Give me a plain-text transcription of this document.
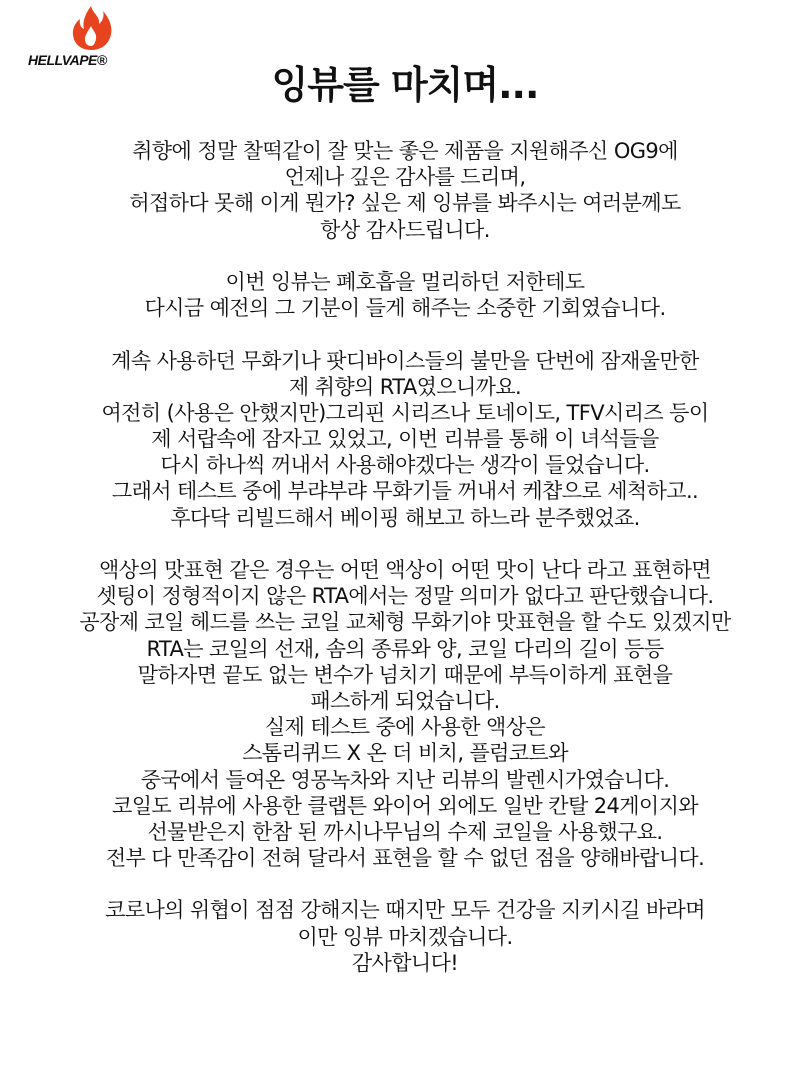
HELLVAPE®
잉뷰를 마치며...
취향에 정말 찰떡같이 잘 맞는 좋은 제품을 지원해주신 OG9에
언제나 깊은 감사를 드리며,
허접하다 못해 이게 뭔가? 싶은 제 잉뷰를 봐주시는 여러분께도
항상 감사드립니다.
이번 잉뷰는 폐호흡을 멀리하던 저한테도
다시금 예전의 그 기분이 들게 해주는 소중한 기회였습니다.
계속 사용하던 무화기나 팟디바이스들의 불만을 단번에 잠재울만한
제 취향의 RTA였으니까요.
여전히 (사용은 안했지만)그리핀 시리즈나 토네이도, TFV시리즈 등이
제 서랍속에 잠자고 있었고, 이번 리뷰를 통해 이 녀석들을
다시 하나씩 꺼내서 사용해야겠다는 생각이 들었습니다.
그래서 테스트 중에 부랴부랴 무화기들 꺼내서 케챱으로 세척하고..
후다닥 리빌드해서 베이핑 해보고 하느라 분주했었죠.
액상의 맛표현 같은 경우는 어떤 액상이 어떤 맛이 난다 라고 표현하면
셋팅이 정형적이지 않은 RTA에서는 정말 의미가 없다고 판단했습니다.
공장제 코일 헤드를 쓰는 코일 교체형 무화기야 맛표현을 할 수도 있겠지만
RTA는 코일의 선재, 솜의 종류와 양, 코일 다리의 길이 등등
말하자면 끝도 없는 변수가 넘치기 때문에 부득이하게 표현을
패스하게 되었습니다.
실제 테스트 중에 사용한 액상은
스톰리퀴드 X 온 더 비치, 플럼코트와
중국에서 들여온 영몽녹차와 지난 리뷰의 발렌시가였습니다.
코일도 리뷰에 사용한 클랩튼 와이어 외에도 일반 칸탈 24게이지와
선물받은지 한참 된 까시나무님의 수제 코일을 사용했구요.
전부 다 만족감이 전혀 달라서 표현을 할 수 없던 점을 양해바랍니다.
코로나의 위협이 점점 강해지는 때지만 모두 건강을 지키시길 바라며
이만 잉뷰 마치겠습니다.
감사합니다!
